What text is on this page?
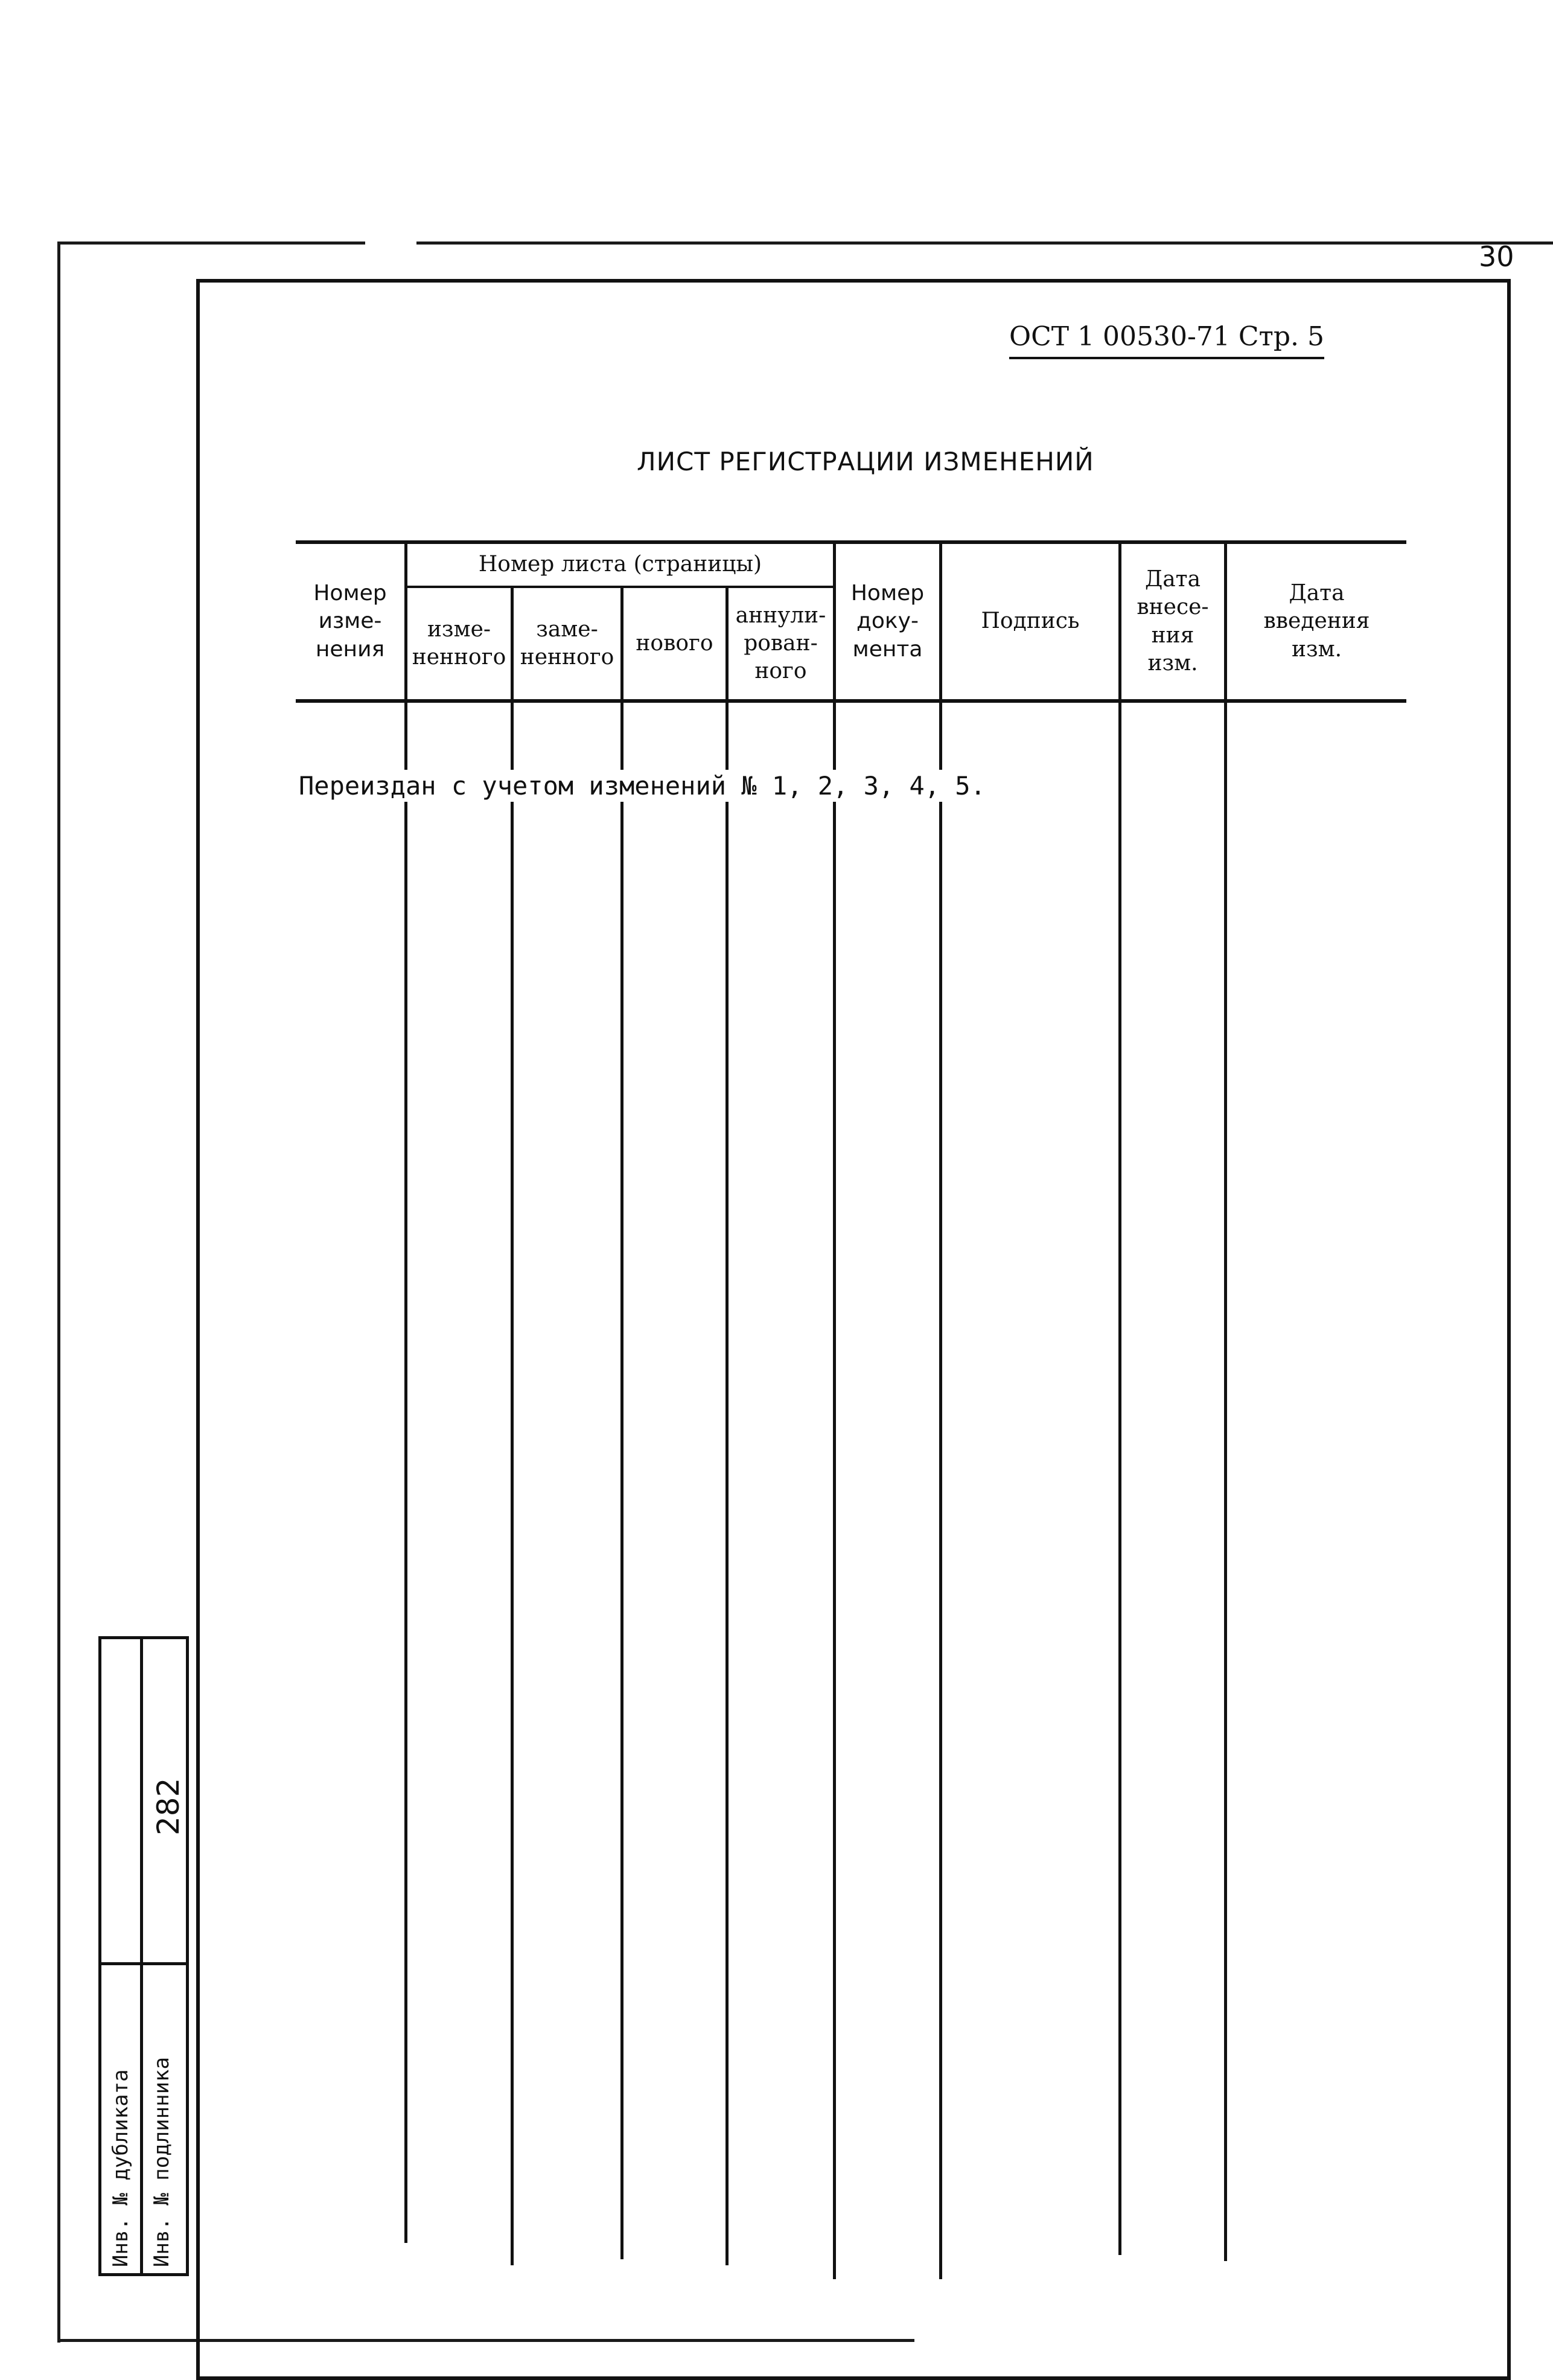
30
ОСТ 1 00530-71 Стр. 5
ЛИСТ РЕГИСТРАЦИИ ИЗМЕНЕНИЙ
Номер
изме-
нения
Номер листа (страницы)
изме-
ненного
заме-
ненного
нового
аннули-
рован-
ного
Номер
доку-
мента
Подпись
Дата
внесе-
ния
изм.
Дата
введения
изм.
Переиздан с учетом изменений № 1, 2, 3, 4, 5.
Инв. № дубликата Инв. № подлинника
282
